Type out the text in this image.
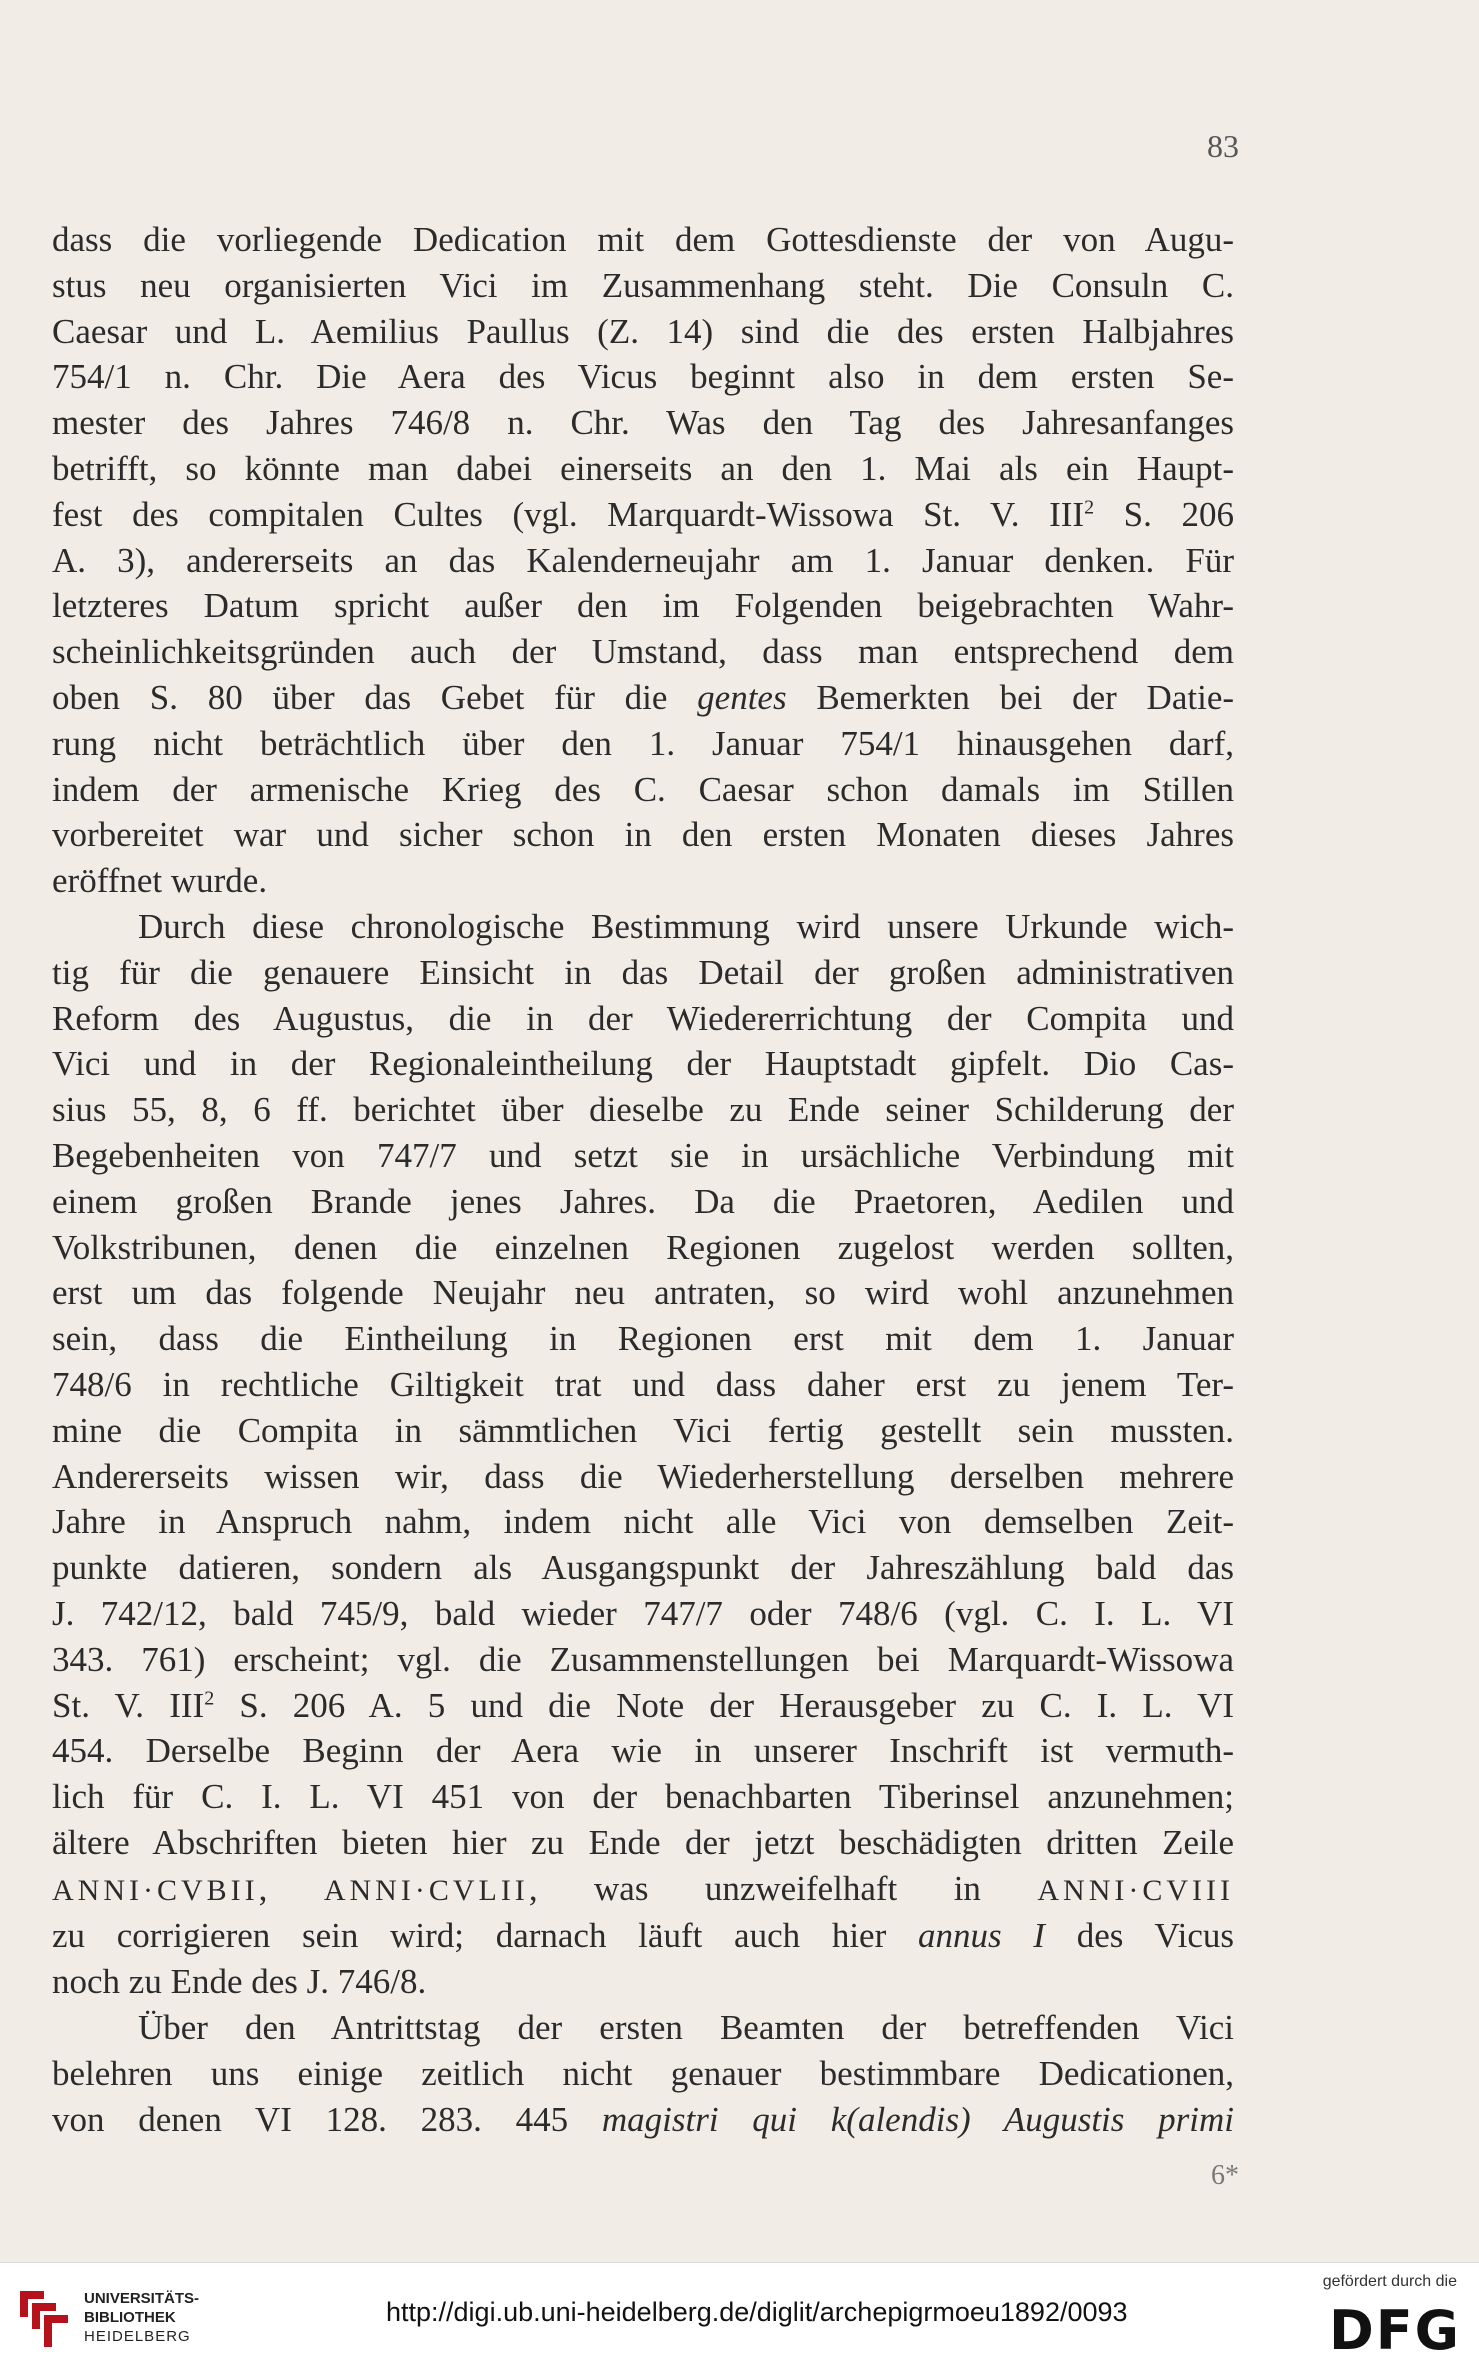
83
dass die vorliegende Dedication mit dem Gottesdienste der von Augu-
stus neu organisierten Vici im Zusammenhang steht. Die Consuln C.
Caesar und L. Aemilius Paullus (Z. 14) sind die des ersten Halbjahres
754/1 n. Chr. Die Aera des Vicus beginnt also in dem ersten Se-
mester des Jahres 746/8 n. Chr. Was den Tag des Jahresanfanges
betrifft, so könnte man dabei einerseits an den 1. Mai als ein Haupt-
fest des compitalen Cultes (vgl. Marquardt-Wissowa St. V. III$^2$ S. 206
A. 3), andererseits an das Kalenderneujahr am 1. Januar denken. Für
letzteres Datum spricht außer den im Folgenden beigebrachten Wahr-
scheinlichkeitsgründen auch der Umstand, dass man entsprechend dem
oben S. 80 über das Gebet für die gentes Bemerkten bei der Datie-
rung nicht beträchtlich über den 1. Januar 754/1 hinausgehen darf,
indem der armenische Krieg des C. Caesar schon damals im Stillen
vorbereitet war und sicher schon in den ersten Monaten dieses Jahres
eröffnet wurde.
Durch diese chronologische Bestimmung wird unsere Urkunde wich-
tig für die genauere Einsicht in das Detail der großen administrativen
Reform des Augustus, die in der Wiedererrichtung der Compita und
Vici und in der Regionaleintheilung der Hauptstadt gipfelt. Dio Cas-
sius 55, 8, 6 ff. berichtet über dieselbe zu Ende seiner Schilderung der
Begebenheiten von 747/7 und setzt sie in ursächliche Verbindung mit
einem großen Brande jenes Jahres. Da die Praetoren, Aedilen und
Volkstribunen, denen die einzelnen Regionen zugelost werden sollten,
erst um das folgende Neujahr neu antraten, so wird wohl anzunehmen
sein, dass die Eintheilung in Regionen erst mit dem 1. Januar
748/6 in rechtliche Giltigkeit trat und dass daher erst zu jenem Ter-
mine die Compita in sämmtlichen Vici fertig gestellt sein mussten.
Andererseits wissen wir, dass die Wiederherstellung derselben mehrere
Jahre in Anspruch nahm, indem nicht alle Vici von demselben Zeit-
punkte datieren, sondern als Ausgangspunkt der Jahreszählung bald das
J. 742/12, bald 745/9, bald wieder 747/7 oder 748/6 (vgl. C. I. L. VI
343. 761) erscheint; vgl. die Zusammenstellungen bei Marquardt-Wissowa
St. V. III$^2$ S. 206 A. 5 und die Note der Herausgeber zu C. I. L. VI
454. Derselbe Beginn der Aera wie in unserer Inschrift ist vermuth-
lich für C. I. L. VI 451 von der benachbarten Tiberinsel anzunehmen;
ältere Abschriften bieten hier zu Ende der jetzt beschädigten dritten Zeile
ANNI·CVBII, ANNI·CVLII, was unzweifelhaft in ANNI·CVIII
zu corrigieren sein wird; darnach läuft auch hier annus I des Vicus
noch zu Ende des J. 746/8.
Über den Antrittstag der ersten Beamten der betreffenden Vici
belehren uns einige zeitlich nicht genauer bestimmbare Dedicationen,
von denen VI 128. 283. 445 magistri qui k(alendis) Augustis primi
6*
UNIVERSITÄTS-
BIBLIOTHEK
HEIDELBERG
http://digi.ub.uni-heidelberg.de/diglit/archepigrmoeu1892/0093
gefördert durch die
DFG
